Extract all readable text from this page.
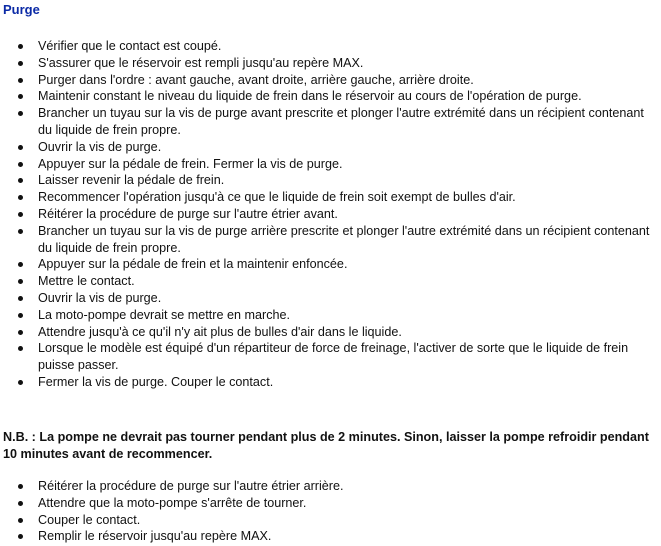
Purge
Vérifier que le contact est coupé.
S'assurer que le réservoir est rempli jusqu'au repère MAX.
Purger dans l'ordre : avant gauche, avant droite, arrière gauche, arrière droite.
Maintenir constant le niveau du liquide de frein dans le réservoir au cours de l'opération de purge.
Brancher un tuyau sur la vis de purge avant prescrite et plonger l'autre extrémité dans un récipient contenant du liquide de frein propre.
Ouvrir la vis de purge.
Appuyer sur la pédale de frein. Fermer la vis de purge.
Laisser revenir la pédale de frein.
Recommencer l'opération jusqu'à ce que le liquide de frein soit exempt de bulles d'air.
Réitérer la procédure de purge sur l'autre étrier avant.
Brancher un tuyau sur la vis de purge arrière prescrite et plonger l'autre extrémité dans un récipient contenant du liquide de frein propre.
Appuyer sur la pédale de frein et la maintenir enfoncée.
Mettre le contact.
Ouvrir la vis de purge.
La moto-pompe devrait se mettre en marche.
Attendre jusqu'à ce qu'il n'y ait plus de bulles d'air dans le liquide.
Lorsque le modèle est équipé d'un répartiteur de force de freinage, l'activer de sorte que le liquide de frein puisse passer.
Fermer la vis de purge. Couper le contact.
N.B. : La pompe ne devrait pas tourner pendant plus de 2 minutes. Sinon, laisser la pompe refroidir pendant 10 minutes avant de recommencer.
Réitérer la procédure de purge sur l'autre étrier arrière.
Attendre que la moto-pompe s'arrête de tourner.
Couper le contact.
Remplir le réservoir jusqu'au repère MAX.
